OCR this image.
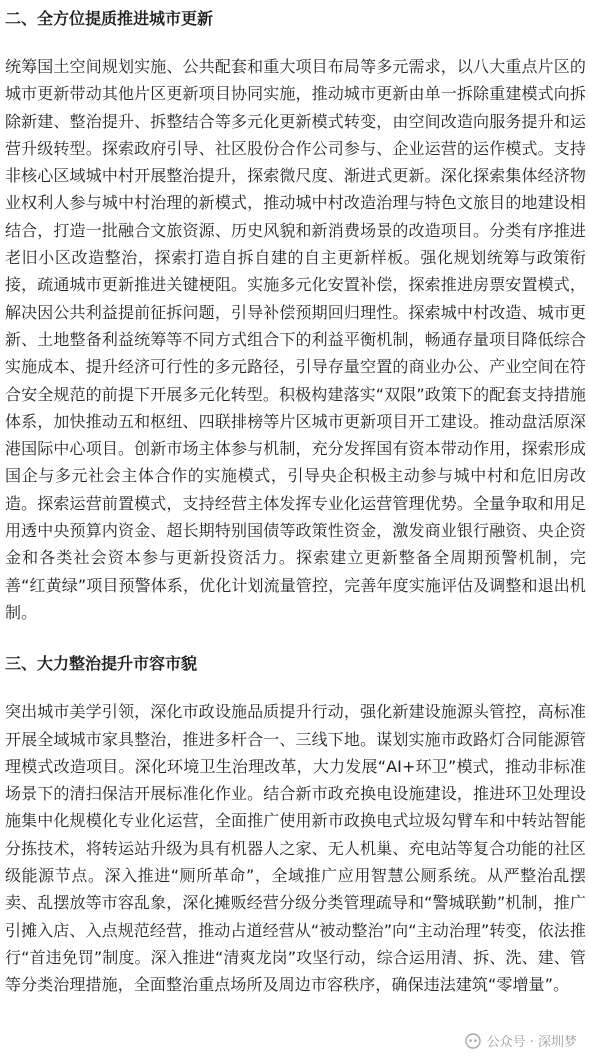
二、全方位提质推进城市更新

统筹国土空间规划实施、公共配套和重大项目布局等多元需求，以八大重点片区的城市更新带动其他片区更新项目协同实施，推动城市更新由单一拆除重建模式向拆除新建、整治提升、拆整结合等多元化更新模式转变，由空间改造向服务提升和运营升级转型。探索政府引导、社区股份合作公司参与、企业运营的运作模式。支持非核心区域城中村开展整治提升，探索微尺度、渐进式更新。深化探索集体经济物业权利人参与城中村治理的新模式，推动城中村改造治理与特色文旅目的地建设相结合，打造一批融合文旅资源、历史风貌和新消费场景的改造项目。分类有序推进老旧小区改造整治，探索打造自拆自建的自主更新样板。强化规划统筹与政策衔接，疏通城市更新推进关键梗阻。实施多元化安置补偿，探索推进房票安置模式，解决因公共利益提前征拆问题，引导补偿预期回归理性。探索城中村改造、城市更新、土地整备利益统筹等不同方式组合下的利益平衡机制，畅通存量项目降低综合实施成本、提升经济可行性的多元路径，引导存量空置的商业办公、产业空间在符合安全规范的前提下开展多元化转型。积极构建落实“双限”政策下的配套支持措施体系，加快推动五和枢纽、四联排榜等片区城市更新项目开工建设。推动盘活原深港国际中心项目。创新市场主体参与机制，充分发挥国有资本带动作用，探索形成国企与多元社会主体合作的实施模式，引导央企积极主动参与城中村和危旧房改造。探索运营前置模式，支持经营主体发挥专业化运营管理优势。全量争取和用足用透中央预算内资金、超长期特别国债等政策性资金，激发商业银行融资、央企资金和各类社会资本参与更新投资活力。探索建立更新整备全周期预警机制，完善“红黄绿”项目预警体系，优化计划流量管控，完善年度实施评估及调整和退出机制。

三、大力整治提升市容市貌

突出城市美学引领，深化市政设施品质提升行动，强化新建设施源头管控，高标准开展全域城市家具整治，推进多杆合一、三线下地。谋划实施市政路灯合同能源管理模式改造项目。深化环境卫生治理改革，大力发展“AI+环卫”模式，推动非标准场景下的清扫保洁开展标准化作业。结合新市政充换电设施建设，推进环卫处理设施集中化规模化专业化运营，全面推广使用新市政换电式垃圾勾臂车和中转站智能分拣技术，将转运站升级为具有机器人之家、无人机巢、充电站等复合功能的社区级能源节点。深入推进“厕所革命”，全域推广应用智慧公厕系统。从严整治乱摆卖、乱摆放等市容乱象，深化摊贩经营分级分类管理疏导和“警城联勤”机制，推广引摊入店、入点规范经营，推动占道经营从“被动整治”向“主动治理”转变，依法推行“首违免罚”制度。深入推进“清爽龙岗”攻坚行动，综合运用清、拆、洗、建、管等分类治理措施，全面整治重点场所及周边市容秩序，确保违法建筑“零增量”。

公众号 · 深圳梦
